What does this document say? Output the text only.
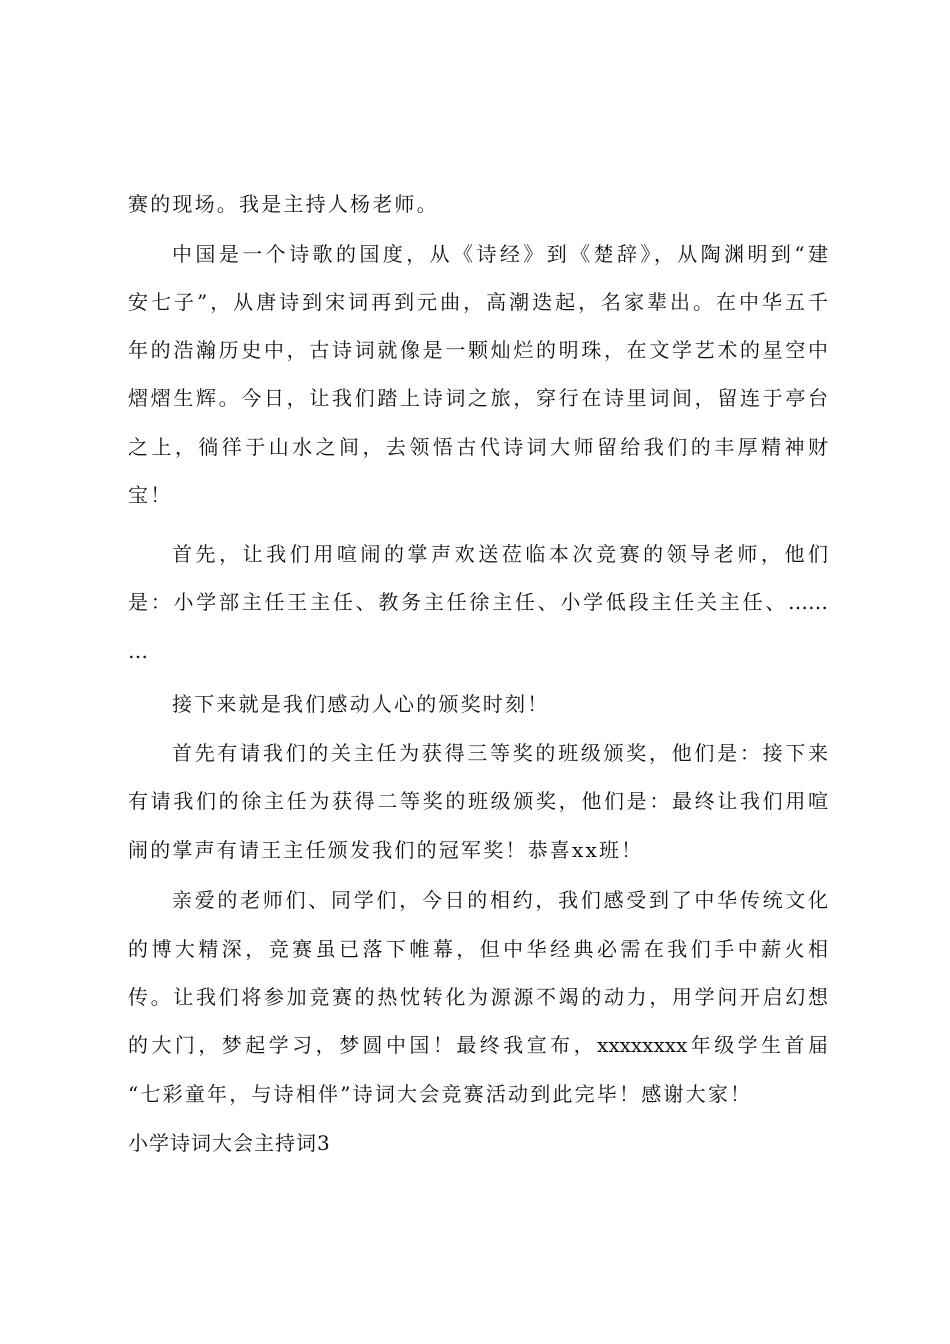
赛的现场。我是主持人杨老师。
中国是一个诗歌的国度，从《诗经》到《楚辞》，从陶渊明到“建
安七子”，从唐诗到宋词再到元曲，高潮迭起，名家辈出。在中华五千
年的浩瀚历史中，古诗词就像是一颗灿烂的明珠，在文学艺术的星空中
熠熠生辉。今日，让我们踏上诗词之旅，穿行在诗里词间，留连于亭台
之上，徜徉于山水之间，去领悟古代诗词大师留给我们的丰厚精神财
宝！
首先，让我们用喧闹的掌声欢送莅临本次竞赛的领导老师，他们
是：小学部主任王主任、教务主任徐主任、小学低段主任关主任、……
…
接下来就是我们感动人心的颁奖时刻！
首先有请我们的关主任为获得三等奖的班级颁奖，他们是：接下来
有请我们的徐主任为获得二等奖的班级颁奖，他们是：最终让我们用喧
闹的掌声有请王主任颁发我们的冠军奖！恭喜xx班！
亲爱的老师们、同学们，今日的相约，我们感受到了中华传统文化
的博大精深，竞赛虽已落下帷幕，但中华经典必需在我们手中薪火相
传。让我们将参加竞赛的热忱转化为源源不竭的动力，用学问开启幻想
的大门，梦起学习，梦圆中国！最终我宣布，xxxxxxxx年级学生首届
“七彩童年，与诗相伴”诗词大会竞赛活动到此完毕！感谢大家！
小学诗词大会主持词3
